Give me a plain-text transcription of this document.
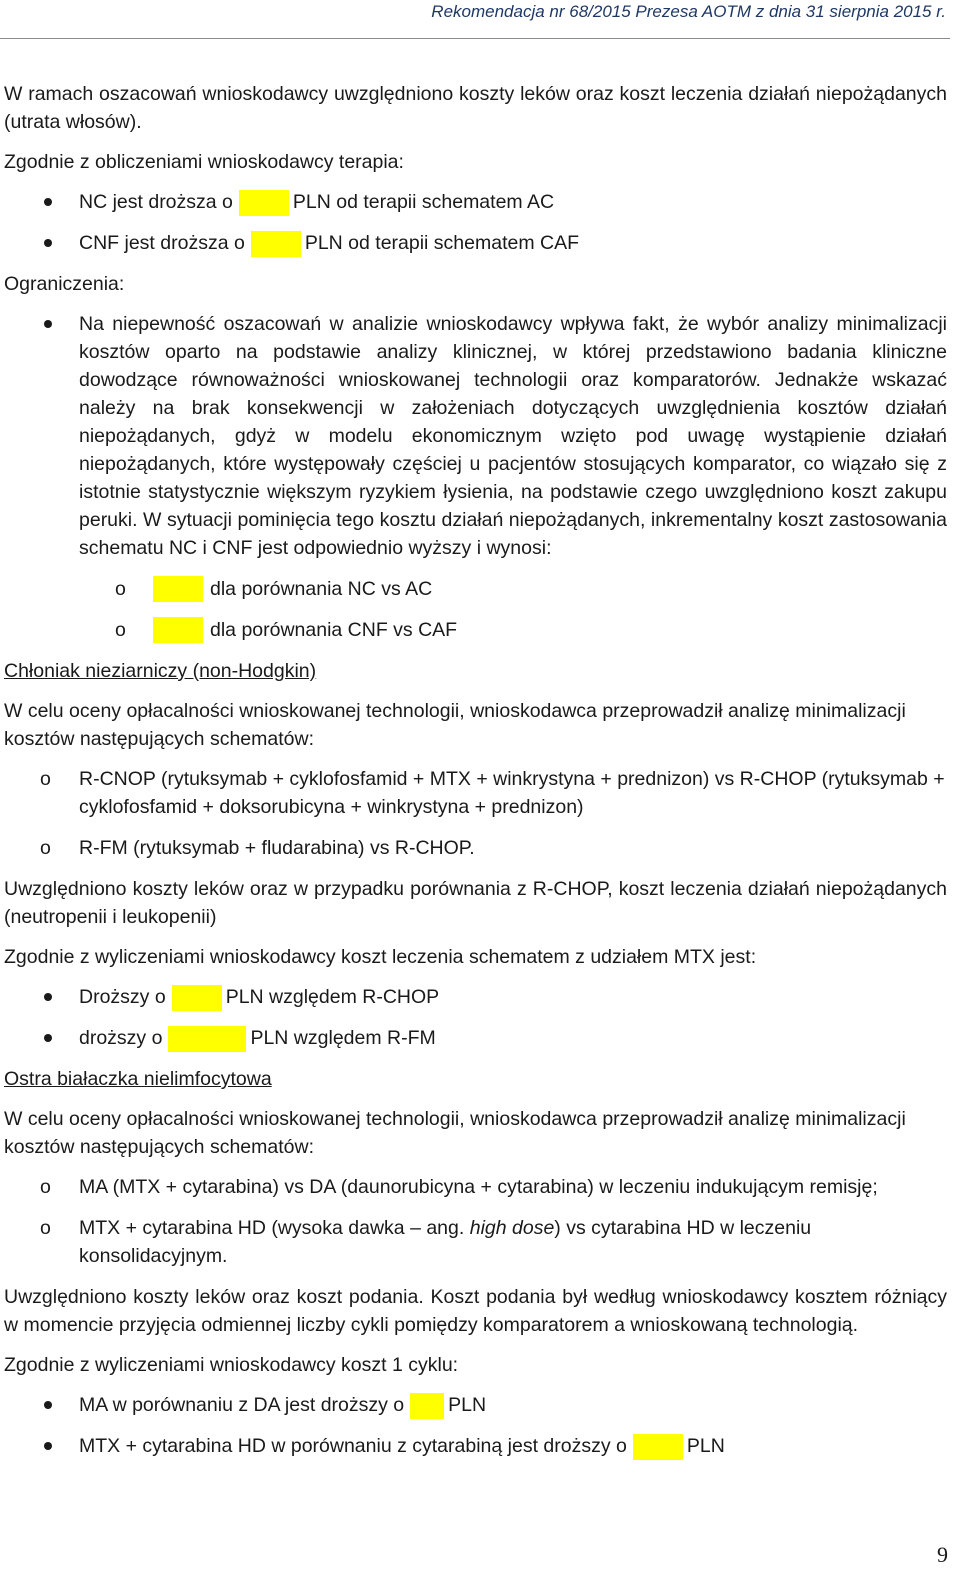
Rekomendacja nr 68/2015 Prezesa AOTM z dnia 31 sierpnia 2015 r.

W ramach oszacowań wnioskodawcy uwzględniono koszty leków oraz koszt leczenia działań niepożądanych (utrata włosów).

Zgodnie z obliczeniami wnioskodawcy terapia:

NC jest droższa o	PLN od terapii schematem AC
CNF jest droższa o	PLN od terapii schematem CAF

Ograniczenia:

Na niepewność oszacowań w analizie wnioskodawcy wpływa fakt, że wybór analizy minimalizacji kosztów oparto na podstawie analizy klinicznej, w której przedstawiono badania kliniczne dowodzące równoważności wnioskowanej technologii oraz komparatorów. Jednakże wskazać należy na brak konsekwencji w założeniach dotyczących uwzględnienia kosztów działań niepożądanych, gdyż w modelu ekonomicznym wzięto pod uwagę wystąpienie działań niepożądanych, które występowały częściej u pacjentów stosujących komparator, co wiązało się z istotnie statystycznie większym ryzykiem łysienia, na podstawie czego uwzględniono koszt zakupu peruki. W sytuacji pominięcia tego kosztu działań niepożądanych, inkrementalny koszt zastosowania schematu NC i CNF jest odpowiednio wyższy i wynosi:
o	dla porównania NC vs AC
o	dla porównania CNF vs CAF

Chłoniak nieziarniczy (non-Hodgkin)

W celu oceny opłacalności wnioskowanej technologii, wnioskodawca przeprowadził analizę minimalizacji kosztów następujących schematów:

o R-CNOP (rytuksymab + cyklofosfamid + MTX + winkrystyna + prednizon) vs R-CHOP (rytuksymab + cyklofosfamid + doksorubicyna + winkrystyna + prednizon)
o R-FM (rytuksymab + fludarabina) vs R-CHOP.

Uwzględniono koszty leków oraz w przypadku porównania z R-CHOP, koszt leczenia działań niepożądanych (neutropenii i leukopenii)

Zgodnie z wyliczeniami wnioskodawcy koszt leczenia schematem z udziałem MTX jest:

Droższy o	PLN względem R-CHOP
droższy o	PLN względem R-FM

Ostra białaczka nielimfocytowa

W celu oceny opłacalności wnioskowanej technologii, wnioskodawca przeprowadził analizę minimalizacji kosztów następujących schematów:

o MA (MTX + cytarabina) vs DA (daunorubicyna + cytarabina) w leczeniu indukującym remisję;
o MTX + cytarabina HD (wysoka dawka – ang. high dose) vs cytarabina HD w leczeniu konsolidacyjnym.

Uwzględniono koszty leków oraz koszt podania. Koszt podania był według wnioskodawcy kosztem różniący w momencie przyjęcia odmiennej liczby cykli pomiędzy komparatorem a wnioskowaną technologią.

Zgodnie z wyliczeniami wnioskodawcy koszt 1 cyklu:

MA w porównaniu z DA jest droższy o PLN
MTX + cytarabina HD w porównaniu z cytarabiną jest droższy o	PLN
9
